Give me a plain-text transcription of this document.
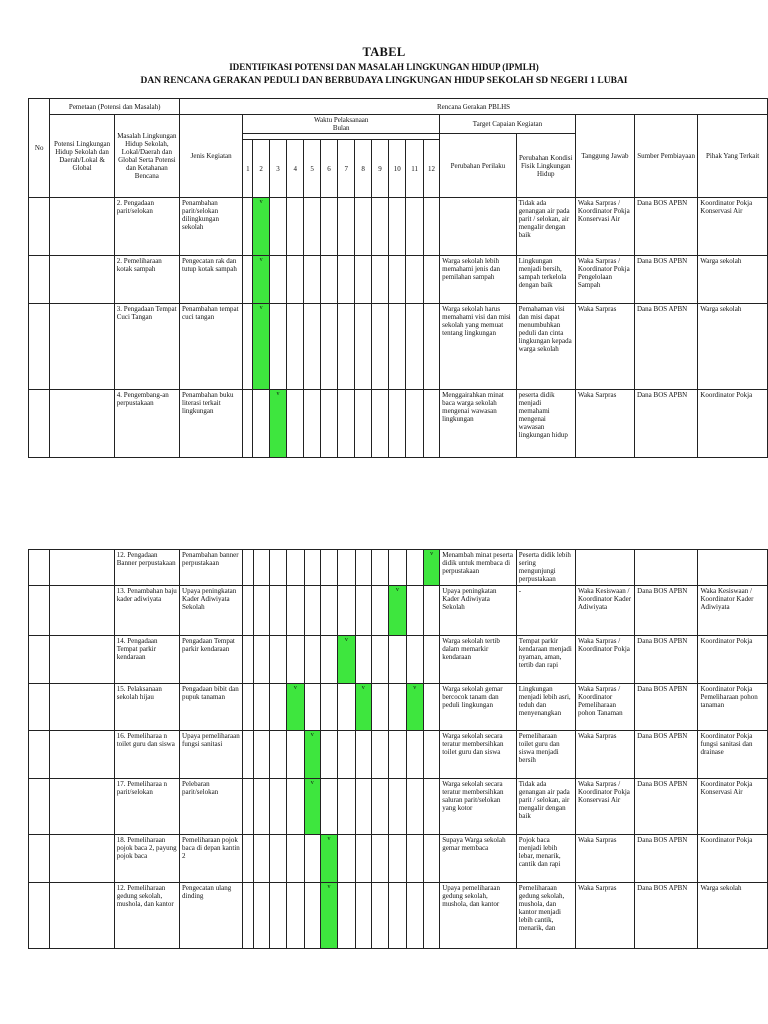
TABEL
IDENTIFIKASI POTENSI DAN MASALAH LINGKUNGAN HIDUP (IPMLH)
DAN RENCANA GERAKAN PEDULI DAN BERBUDAYA LINGKUNGAN HIDUP SEKOLAH SD NEGERI 1 LUBAI
No	Pemetaan (Potensi dan Masalah)		Rencana Gerakan PBLHS																	
	Potensi Lingkungan Hidup Sekolah dan Daerah/Lokal & Global	Masalah Lingkungan Hidup Sekolah, Lokal/Daerah dan Global Serta Potensi dan Ketahanan Bencana	Jenis Kegiatan	Waktu Pelaksanaan
Bulan												Target Capaian Kegiatan		Tanggung Jawab	Sumber Pembiayaan	Pihak Yang Terkait
																Perubahan Perilaku	Perubahan Kondisi Fisik Lingkungan Hidup			
				1	2	3	4	5	6	7	8	9	10	11	12					
		2. Pengadaan parit/selokan	Penambahan parit/selokan dilingkungan sekolah		v												Tidak ada genangan air pada parit / selokan, air mengalir dengan baik	Waka Sarpras / Koordinator Pokja Konservasi Air	Dana BOS APBN	Koordinator Pokja Konservasi Air
		2. Pemeliharaan kotak sampah	Pengecatan rak dan tutup kotak sampah		v											Warga sekolah lebih memahami jenis dan pemilahan sampah	Lingkungan menjadi bersih, sampah terkelola dengan baik	Waka Sarpras / Koordinator Pokja Pengelolaan Sampah	Dana BOS APBN	Warga sekolah
		3. Pengadaan Tempat Cuci Tangan	Penambahan tempat cuci tangan		v											Warga sekolah harus memahami visi dan misi sekolah yang memuat tentang lingkungan	Pemahaman visi dan misi dapat menumbuhkan peduli dan cinta lingkungan kepada warga sekolah	Waka Sarpras	Dana BOS APBN	Warga sekolah
		4. Pengembang-an perpustakaan	Penambahan buku literasi terkait lingkungan			v										Menggairahkan minat baca warga sekolah mengenai wawasan lingkungan	peserta didik menjadi memahami mengenai wawasan lingkungan hidup	Waka Sarpras	Dana BOS APBN	Koordinator Pokja
		12. Pengadaan Banner perpustakaan	Penambahan banner perpustakaan												v	Menambah minat peserta didik untuk membaca di perpustakaan	Peserta didik lebih sering mengunjungi perpustakaan			
		13. Penambahan baju kader adiwiyata	Upaya peningkatan Kader Adiwiyata Sekolah										v			Upaya peningkatan Kader Adiwiyata Sekolah	-	Waka Kesiswaan / Koordinator Kader Adiwiyata	Dana BOS APBN	Waka Kesiswaan / Koordinator Kader Adiwiyata
		14. Pengadaan Tempat parkir kendaraan	Pengadaan Tempat parkir kendaraan							v						Warga sekolah tertib dalam memarkir kendaraan	Tempat parkir kendaraan menjadi nyaman, aman, tertib dan rapi	Waka Sarpras / Koordinator Pokja	Dana BOS APBN	Koordinator Pokja
		15. Pelaksanaan sekolah hijau	Pengadaan bibit dan pupuk tanaman				v				v			v		Warga sekolah gemar bercocok tanam dan peduli lingkungan	Lingkungan menjadi lebih asri, teduh dan menyenangkan	Waka Sarpras / Koordinator Pemeliharaan pohon Tanaman	Dana BOS APBN	Koordinator Pokja Pemeliharaan pohon tanaman
		16. Pemeliharaa n toilet guru dan siswa	Upaya pemeliharaan fungsi sanitasi					v								Warga sekolah secara teratur membersihkan toilet guru dan siswa	Pemeliharaan toilet guru dan siswa menjadi bersih	Waka Sarpras	Dana BOS APBN	Koordinator Pokja fungsi sanitasi dan drainase
		17. Pemeliharaa n parit/selokan	Pelebaran parit/selokan					v								Warga sekolah secara teratur membersihkan saluran parit/selokan yang kotor	Tidak ada genangan air pada parit / selokan, air mengalir dengan baik	Waka Sarpras / Koordinator Pokja Konservasi Air	Dana BOS APBN	Koordinator Pokja Konservasi Air
		18. Pemeliharaan pojok baca 2, payung pojok baca	Pemeliharaan pojok baca di depan kantin 2						v							Supaya Warga sekolah gemar membaca	Pojok baca menjadi lebih lebar, menarik, cantik dan rapi	Waka Sarpras	Dana BOS APBN	Koordinator Pokja
		12. Pemeliharaan gedung sekolah, mushola, dan kantor	Pengecatan ulang dinding						v							Upaya pemeliharaan gedung sekolah, mushola, dan kantor	Pemeliharaan gedung sekolah, mushola, dan kantor menjadi lebih cantik, menarik, dan	Waka Sarpras	Dana BOS APBN	Warga sekolah
